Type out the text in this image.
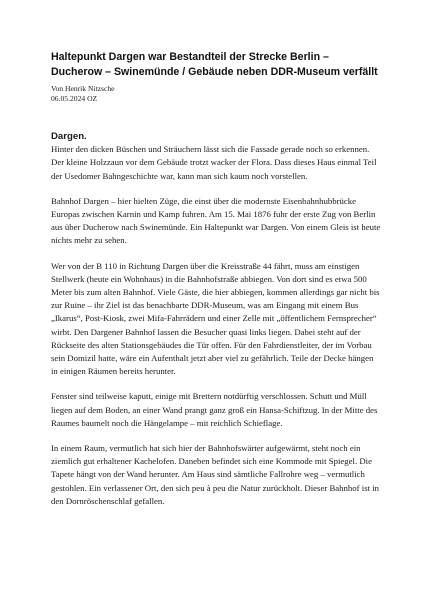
Haltepunkt Dargen war Bestandteil der Strecke Berlin – Ducherow – Swinemünde / Gebäude neben DDR-Museum verfällt
Von Henrik Nitzsche
06.05.2024 OZ
Dargen.

Hinter den dicken Büschen und Sträuchern lässt sich die Fassade gerade noch so erkennen. Der kleine Holzzaun vor dem Gebäude trotzt wacker der Flora. Dass dieses Haus einmal Teil der Usedomer Bahngeschichte war, kann man sich kaum noch vorstellen.

Bahnhof Dargen – hier hielten Züge, die einst über die modernste Eisenbahnhubbrücke Europas zwischen Karnin und Kamp fuhren. Am 15. Mai 1876 fuhr der erste Zug von Berlin aus über Ducherow nach Swinemünde. Ein Haltepunkt war Dargen. Von einem Gleis ist heute nichts mehr zu sehen.

Wer von der B 110 in Richtung Dargen über die Kreisstraße 44 fährt, muss am einstigen Stellwerk (heute ein Wohnhaus) in die Bahnhofstraße abbiegen. Von dort sind es etwa 500 Meter bis zum alten Bahnhof. Viele Gäste, die hier abbiegen, kommen allerdings gar nicht bis zur Ruine – ihr Ziel ist das benachbarte DDR-Museum, was am Eingang mit einem Bus „Ikarus“, Post-Kiosk, zwei Mifa-Fahrrädern und einer Zelle mit „öffentlichem Fernsprecher“ wirbt. Den Dargener Bahnhof lassen die Besucher quasi links liegen. Dabei steht auf der Rückseite des alten Stationsgebäudes die Tür offen. Für den Fahrdienstleiter, der im Vorbau sein Domizil hatte, wäre ein Aufenthalt jetzt aber viel zu gefährlich. Teile der Decke hängen in einigen Räumen bereits herunter.

Fenster sind teilweise kaputt, einige mit Brettern notdürftig verschlossen. Schutt und Müll liegen auf dem Boden, an einer Wand prangt ganz groß ein Hansa-Schiftzug. In der Mitte des Raumes baumelt noch die Hängelampe – mit reichlich Schieflage.

In einem Raum, vermutlich hat sich hier der Bahnhofswärter aufgewärmt, steht noch ein ziemlich gut erhaltener Kachelofen. Daneben befindet sich eine Kommode mit Spiegel. Die Tapete hängt von der Wand herunter. Am Haus sind sämtliche Fallrohre weg – vermutlich gestohlen. Ein verlassener Ort, den sich peu à peu die Natur zurückholt. Dieser Bahnhof ist in den Dornröschenschlaf gefallen.
